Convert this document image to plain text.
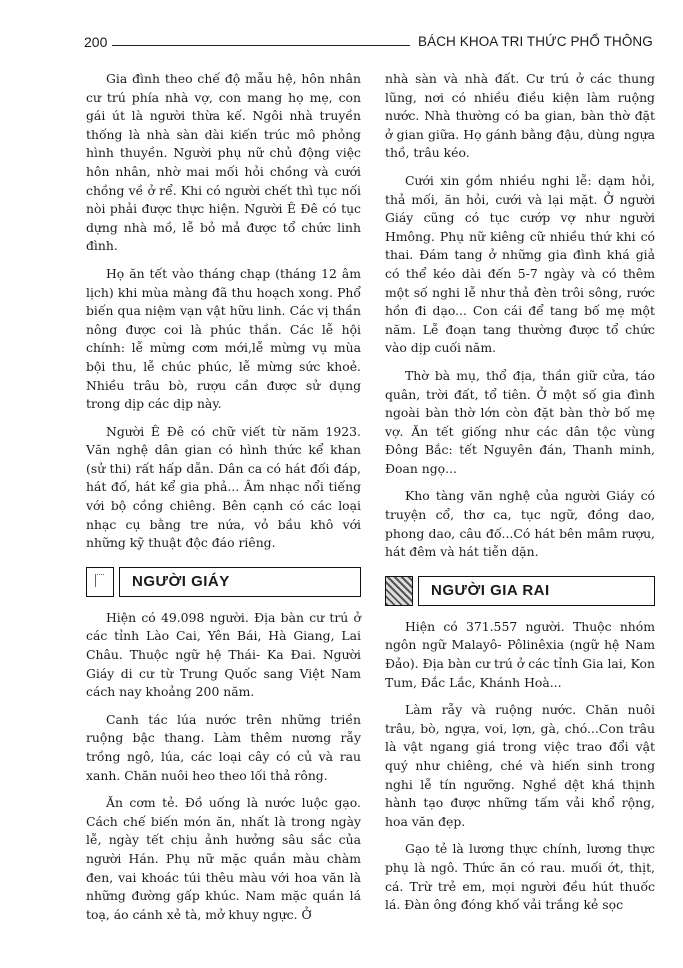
200	BÁCH KHOA TRI THỨC PHỔ THÔNG

Gia đình theo chế độ mẫu hệ, hôn nhân cư trú phía nhà vợ, con mang họ mẹ, con gái út là người thừa kế. Ngôi nhà truyền thống là nhà sàn dài kiến trúc mô phỏng hình thuyền. Người phụ nữ chủ động việc hôn nhân, nhờ mai mối hỏi chồng và cưới chồng về ở rể. Khi có người chết thì tục nối nòi phải được thực hiện. Người Ê Đê có tục dựng nhà mồ, lễ bỏ mả được tổ chức linh đình.

Họ ăn tết vào tháng chạp (tháng 12 âm lịch) khi mùa màng đã thu hoạch xong. Phổ biến qua niệm vạn vật hữu linh. Các vị thần nông được coi là phúc thần. Các lễ hội chính: lễ mừng cơm mới,lễ mừng vụ mùa bội thu, lễ chúc phúc, lễ mừng sức khoẻ. Nhiều trâu bò, rượu cần được sử dụng trong dịp các dịp này.

Người Ê Đê có chữ viết từ năm 1923. Văn nghệ dân gian có hình thức kể khan (sử thi) rất hấp dẫn. Dân ca có hát đối đáp, hát đố, hát kể gia phả... Âm nhạc nổi tiếng với bộ cồng chiêng. Bên cạnh có các loại nhạc cụ bằng tre nứa, vỏ bầu khô với những kỹ thuật độc đáo riêng.

NGƯỜI GIÁY

Hiện có 49.098 người. Địa bàn cư trú ở các tỉnh Lào Cai, Yên Bái, Hà Giang, Lai Châu. Thuộc ngữ hệ Thái- Ka Đai. Người Giáy di cư từ Trung Quốc sang Việt Nam cách nay khoảng 200 năm.

Canh tác lúa nước trên những triền ruộng bậc thang. Làm thêm nương rẫy trồng ngô, lúa, các loại cây có củ và rau xanh. Chăn nuôi heo theo lối thả rông.

Ăn cơm tẻ. Đồ uống là nước luộc gạo. Cách chế biến món ăn, nhất là trong ngày lễ, ngày tết chịu ảnh hưởng sâu sắc của người Hán. Phụ nữ mặc quần màu chàm đen, vai khoác túi thêu màu với hoa văn là những đường gấp khúc. Nam mặc quần lá toạ, áo cánh xẻ tà, mở khuy ngực. Ở

nhà sàn và nhà đất. Cư trú ở các thung lũng, nơi có nhiều điều kiện làm ruộng nước. Nhà thường có ba gian, bàn thờ đặt ở gian giữa. Họ gánh bằng đậu, dùng ngựa thồ, trâu kéo.

Cưới xin gồm nhiều nghi lễ: dạm hỏi, thả mối, ăn hỏi, cưới và lại mặt. Ở người Giáy cũng có tục cướp vợ như người Hmông. Phụ nữ kiêng cữ nhiều thứ khi có thai. Đám tang ở những gia đình khá giả có thể kéo dài đến 5-7 ngày và có thêm một số nghi lễ như thả đèn trôi sông, rước hồn đi dạo... Con cái để tang bố mẹ một năm. Lễ đoạn tang thường được tổ chức vào dịp cuối năm.

Thờ bà mụ, thổ địa, thần giữ cửa, táo quân, trời đất, tổ tiên. Ở một số gia đình ngoài bàn thờ lớn còn đặt bàn thờ bố mẹ vợ. Ăn tết giống như các dân tộc vùng Đông Bắc: tết Nguyên đán, Thanh minh, Đoan ngọ...

Kho tàng văn nghệ của người Giáy có truyện cổ, thơ ca, tục ngữ, đồng dao, phong dao, câu đố...Có hát bên mâm rượu, hát đêm và hát tiễn dặn.

NGƯỜI GIA RAI

Hiện có 371.557 người. Thuộc nhóm ngôn ngữ Malayô- Pôlinêxia (ngữ hệ Nam Đảo). Địa bàn cư trú ở các tỉnh Gia lai, Kon Tum, Đắc Lắc, Khánh Hoà...

Làm rẫy và ruộng nước. Chăn nuôi trâu, bò, ngựa, voi, lợn, gà, chó...Con trâu là vật ngang giá trong việc trao đổi vật quý như chiêng, ché và hiến sinh trong nghi lễ tín ngưỡng. Nghề dệt khá thịnh hành tạo được những tấm vải khổ rộng, hoa văn đẹp.

Gạo tẻ là lương thực chính, lương thực phụ là ngô. Thức ăn có rau. muối ớt, thịt, cá. Trừ trẻ em, mọi người đều hút thuốc lá. Đàn ông đóng khố vải trắng kẻ sọc
